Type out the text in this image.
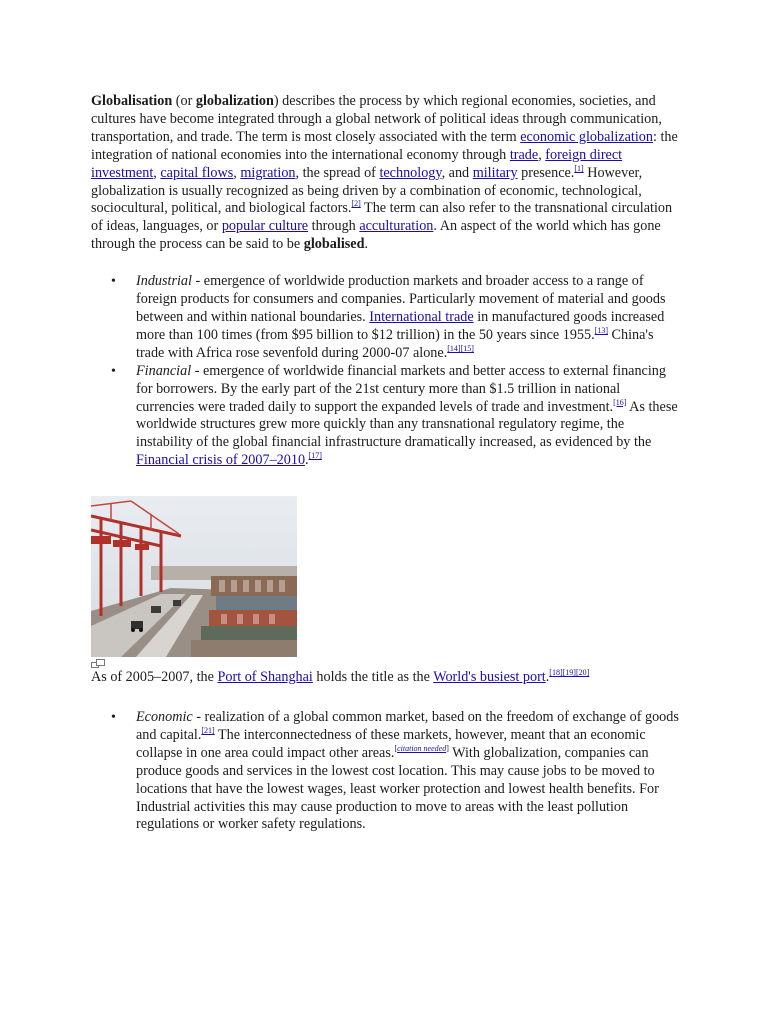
Globalisation (or globalization) describes the process by which regional economies, societies, and cultures have become integrated through a global network of political ideas through communication, transportation, and trade. The term is most closely associated with the term economic globalization: the integration of national economies into the international economy through trade, foreign direct investment, capital flows, migration, the spread of technology, and military presence.[1] However, globalization is usually recognized as being driven by a combination of economic, technological, sociocultural, political, and biological factors.[2] The term can also refer to the transnational circulation of ideas, languages, or popular culture through acculturation. An aspect of the world which has gone through the process can be said to be globalised.

• Industrial - emergence of worldwide production markets and broader access to a range of foreign products for consumers and companies. Particularly movement of material and goods between and within national boundaries. International trade in manufactured goods increased more than 100 times (from $95 billion to $12 trillion) in the 50 years since 1955.[13] China's trade with Africa rose sevenfold during 2000-07 alone.[14][15]
• Financial - emergence of worldwide financial markets and better access to external financing for borrowers. By the early part of the 21st century more than $1.5 trillion in national currencies were traded daily to support the expanded levels of trade and investment.[16] As these worldwide structures grew more quickly than any transnational regulatory regime, the instability of the global financial infrastructure dramatically increased, as evidenced by the Financial crisis of 2007–2010.[17]

As of 2005–2007, the Port of Shanghai holds the title as the World's busiest port.[18][19][20]

• Economic - realization of a global common market, based on the freedom of exchange of goods and capital.[21] The interconnectedness of these markets, however, meant that an economic collapse in one area could impact other areas.[citation needed] With globalization, companies can produce goods and services in the lowest cost location. This may cause jobs to be moved to locations that have the lowest wages, least worker protection and lowest health benefits. For Industrial activities this may cause production to move to areas with the least pollution regulations or worker safety regulations.
